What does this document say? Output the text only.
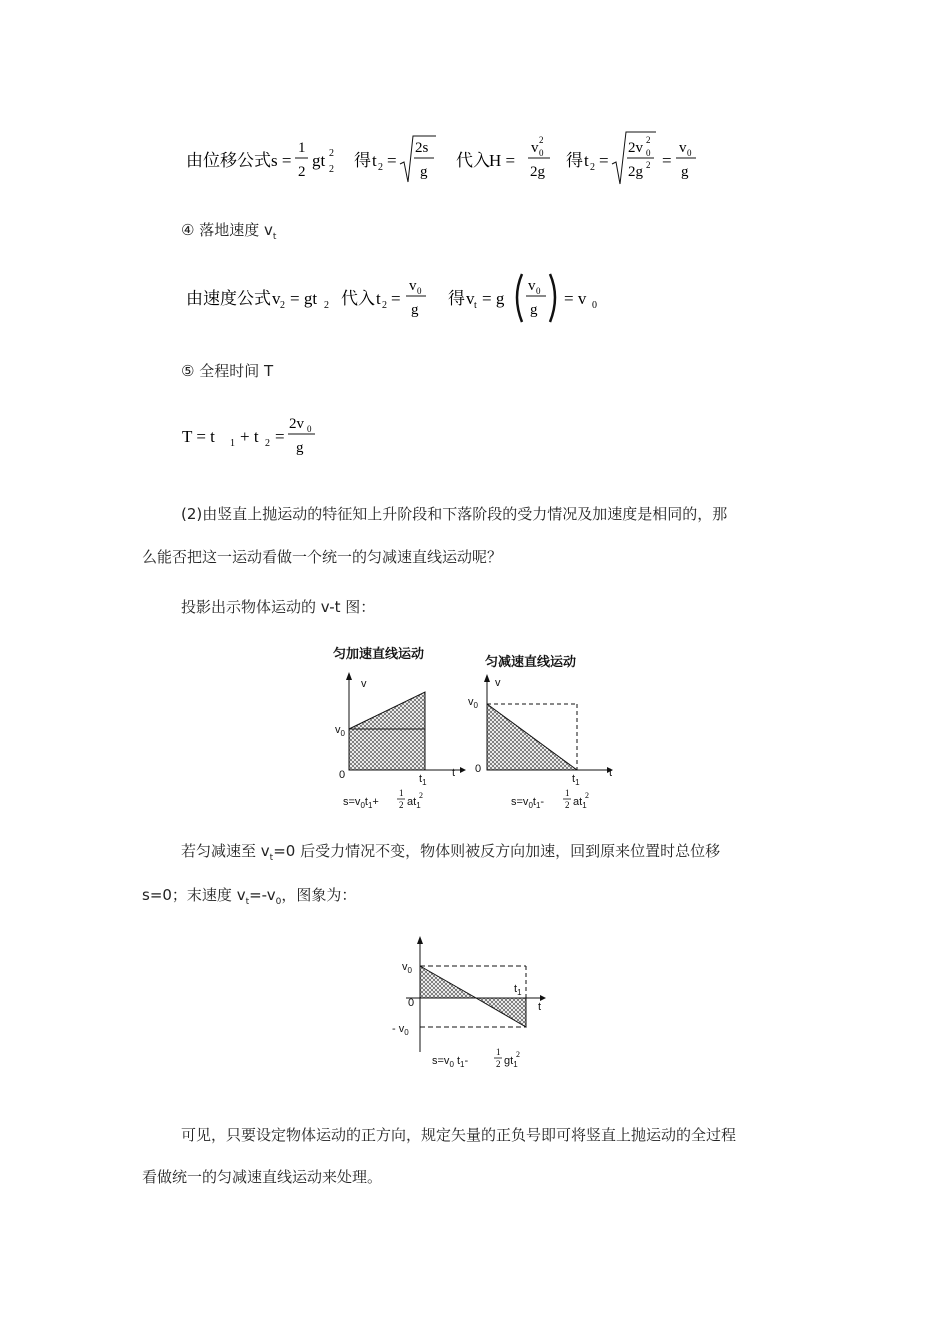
由位移公式 s =
1
2
gt 2
2 得 t 2 =
2s
g
代入 H =
v 0
2
2g
得 t 2 =
2v 0
2
2g 2 =
v 0
g
④ 落地速度 $v_t$
由速度公式 v 2 = gt 2 代入 t 2 =
v 0
g
得 v t = g
v 0
g
= v 0
⑤ 全程时间 T
T = t 1 + t 2 =
2v 0
g
(2)由竖直上抛运动的特征知上升阶段和下落阶段的受力情况及加速度是相同的，那
么能否把这一运动看做一个统一的匀减速直线运动呢？
投影出示物体运动的 v-t 图：
匀加速直线运动
v
$v_0$
0	$t_1$
t
$s=v_0t_1+$
1
2 $at_1$
2
匀减速直线运动
v
$v_0$
0
$t_1$
t
$s=v_0t_1-$
1
2 $at_1$
2
若匀减速至 $v_t=0$ 后受力情况不变，物体则被反方向加速，回到原来位置时总位移
s=0；末速度 $v_t=-v_0$，图象为：
$v_0$
0
- $v_0$
$t_1$
t
$s=v_0$ $t_1-$
1
2 $gt_1$
2
可见，只要设定物体运动的正方向，规定矢量的正负号即可将竖直上抛运动的全过程
看做统一的匀减速直线运动来处理。
